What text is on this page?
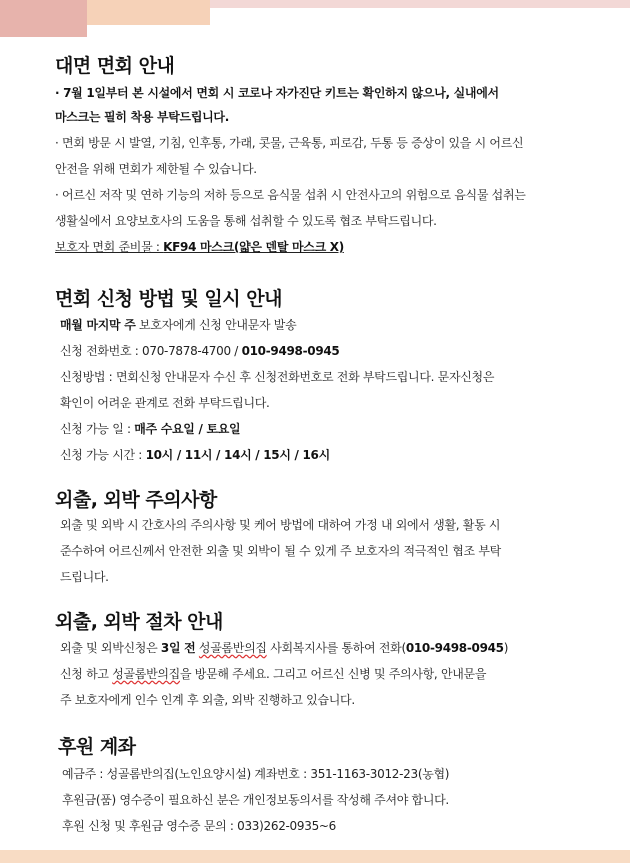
대면 면회 안내

· 7월 1일부터 본 시설에서 면회 시 코로나 자가진단 키트는 확인하지 않으나, 실내에서

마스크는 필히 착용 부탁드립니다.

· 면회 방문 시 발열, 기침, 인후통, 가래, 콧물, 근육통, 피로감, 두통 등 증상이 있을 시 어르신

안전을 위해 면회가 제한될 수 있습니다.

· 어르신 저작 및 연하 기능의 저하 등으로 음식물 섭취 시 안전사고의 위험으로 음식물 섭취는

생활실에서 요양보호사의 도움을 통해 섭취할 수 있도록 협조 부탁드립니다.

보호자 면회 준비물 : KF94 마스크(얇은 덴탈 마스크 X)

면회 신청 방법 및 일시 안내

매월 마지막 주 보호자에게 신청 안내문자 발송

신청 전화번호 : 070-7878-4700 / 010-9498-0945

신청방법 : 면회신청 안내문자 수신 후 신청전화번호로 전화 부탁드립니다. 문자신청은

확인이 어려운 관계로 전화 부탁드립니다.

신청 가능 일 : 매주 수요일 / 토요일

신청 가능 시간 : 10시 / 11시 / 14시 / 15시 / 16시

외출, 외박 주의사항

외출 및 외박 시 간호사의 주의사항 및 케어 방법에 대하여 가정 내 외에서 생활, 활동 시

준수하여 어르신께서 안전한 외출 및 외박이 될 수 있게 주 보호자의 적극적인 협조 부탁

드립니다.

외출, 외박 절차 안내

외출 및 외박신청은 3일 전 성골롬반의집 사회복지사를 통하여 전화(010-9498-0945)

신청 하고 성골롬반의집을 방문해 주세요. 그리고 어르신 신병 및 주의사항, 안내문을

주 보호자에게 인수 인계 후 외출, 외박 진행하고 있습니다.

후원 계좌

예금주 : 성골롬반의집(노인요양시설) 계좌번호 : 351-1163-3012-23(농협)

후원금(품) 영수증이 필요하신 분은 개인정보동의서를 작성해 주셔야 합니다.

후원 신청 및 후원금 영수증 문의 : 033)262-0935~6
